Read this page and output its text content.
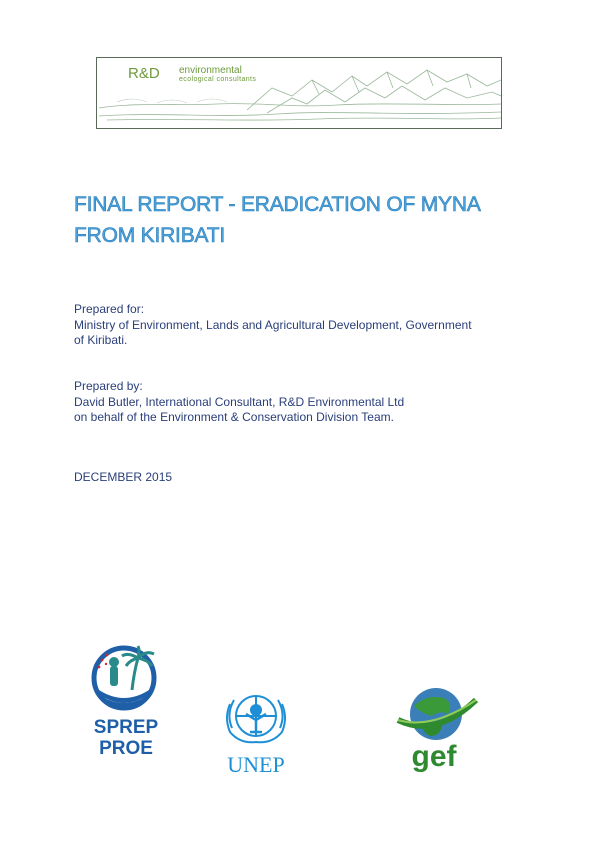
R&D environmental
ecological consultants
FINAL REPORT - ERADICATION OF MYNA
FROM KIRIBATI
Prepared for:
Ministry of Environment, Lands and Agricultural Development, Government
of Kiribati.
Prepared by:
David Butler, International Consultant, R&D Environmental Ltd
on behalf of the Environment & Conservation Division Team.
DECEMBER 2015
SPREP
PROE
UNEP	gef
